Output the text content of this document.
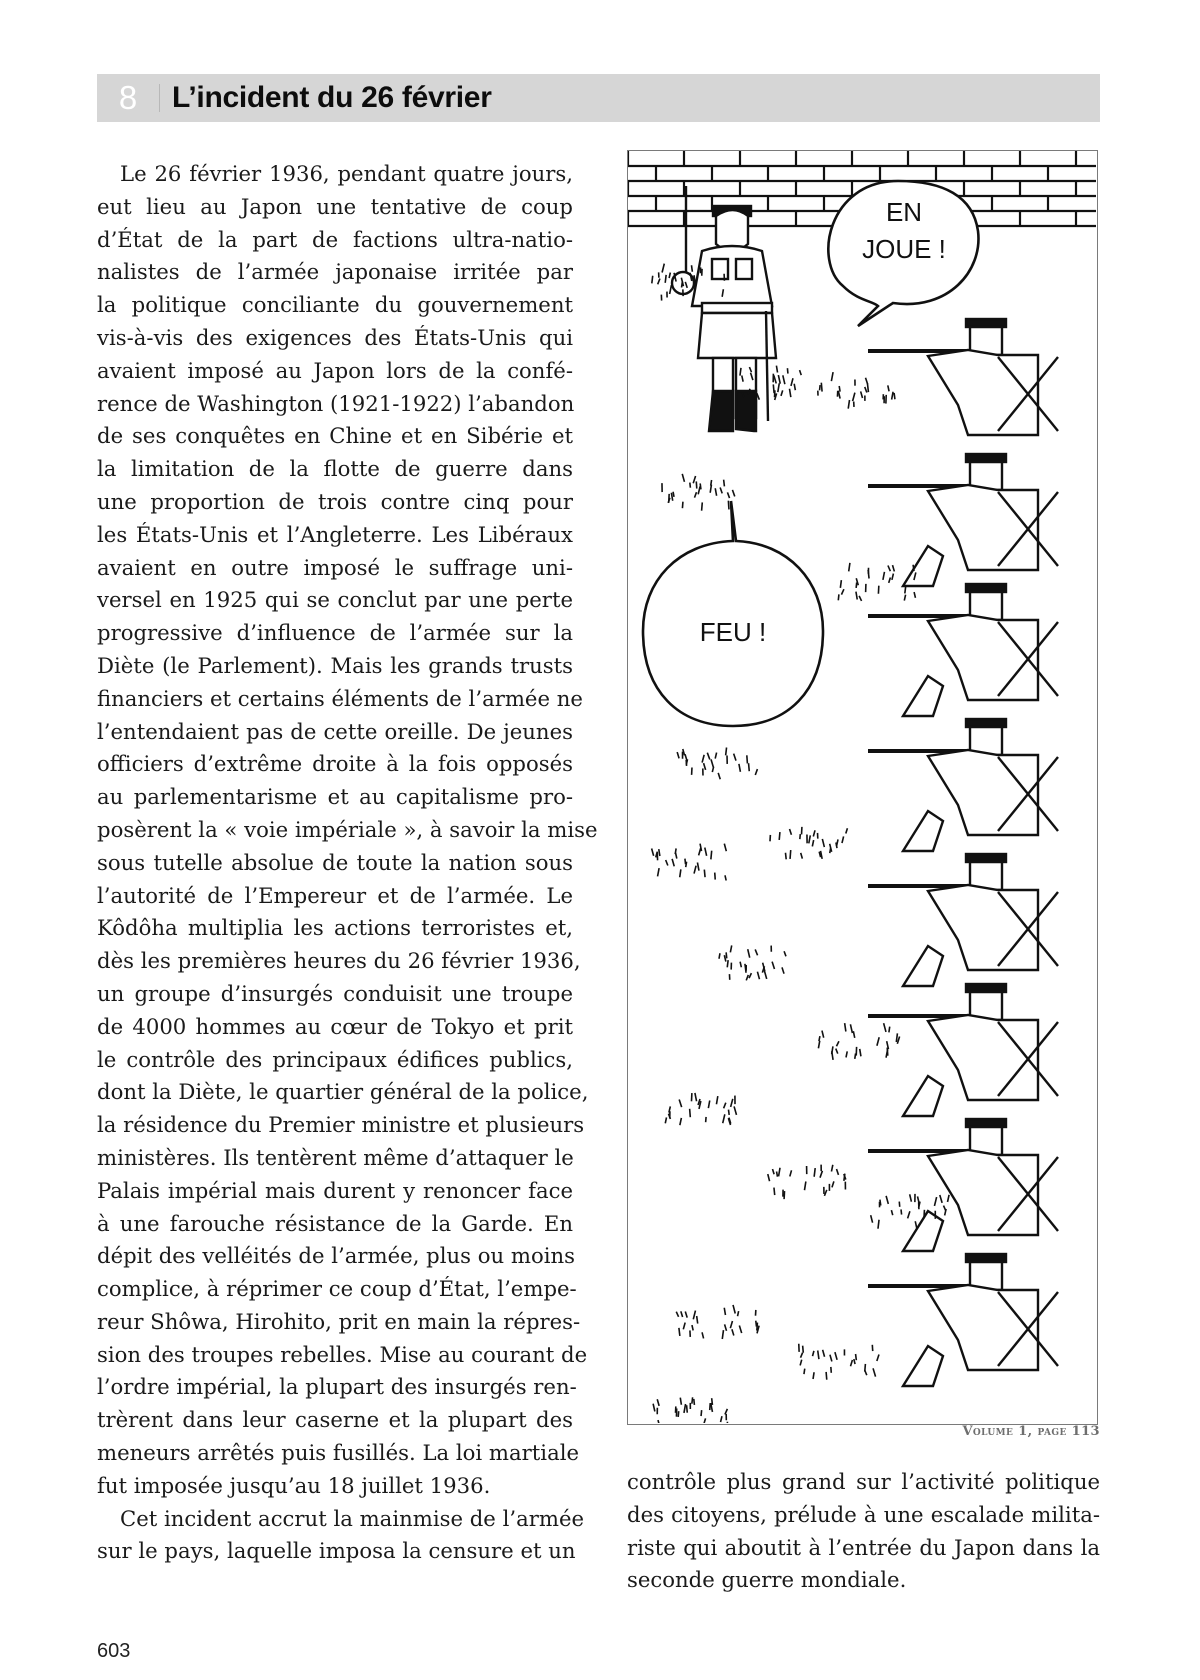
8	L’incident du 26 février
Le 26 février 1936, pendant quatre jours,
eut lieu au Japon une tentative de coup
d’État de la part de factions ultra-natio-
nalistes de l’armée japonaise irritée par
la politique conciliante du gouvernement
vis-à-vis des exigences des États-Unis qui
avaient imposé au Japon lors de la confé-
rence de Washington (1921-1922) l’abandon
de ses conquêtes en Chine et en Sibérie et
la limitation de la flotte de guerre dans
une proportion de trois contre cinq pour
les États-Unis et l’Angleterre. Les Libéraux
avaient en outre imposé le suffrage uni-
versel en 1925 qui se conclut par une perte
progressive d’influence de l’armée sur la
Diète (le Parlement). Mais les grands trusts
financiers et certains éléments de l’armée ne
l’entendaient pas de cette oreille. De jeunes
officiers d’extrême droite à la fois opposés
au parlementarisme et au capitalisme pro-
posèrent la « voie impériale », à savoir la mise
sous tutelle absolue de toute la nation sous
l’autorité de l’Empereur et de l’armée. Le
Kôdôha multiplia les actions terroristes et,
dès les premières heures du 26 février 1936,
un groupe d’insurgés conduisit une troupe
de 4000 hommes au cœur de Tokyo et prit
le contrôle des principaux édifices publics,
dont la Diète, le quartier général de la police,
la résidence du Premier ministre et plusieurs
ministères. Ils tentèrent même d’attaquer le
Palais impérial mais durent y renoncer face
à une farouche résistance de la Garde. En
dépit des velléités de l’armée, plus ou moins
complice, à réprimer ce coup d’État, l’empe-
reur Shôwa, Hirohito, prit en main la répres-
sion des troupes rebelles. Mise au courant de
l’ordre impérial, la plupart des insurgés ren-
trèrent dans leur caserne et la plupart des
meneurs arrêtés puis fusillés. La loi martiale
fut imposée jusqu’au 18 juillet 1936.
Cet incident accrut la mainmise de l’armée
sur le pays, laquelle imposa la censure et un
EN
JOUE !
FEU !
Volume 1, page 113
contrôle plus grand sur l’activité politique
des citoyens, prélude à une escalade milita-
riste qui aboutit à l’entrée du Japon dans la
seconde guerre mondiale.
603
